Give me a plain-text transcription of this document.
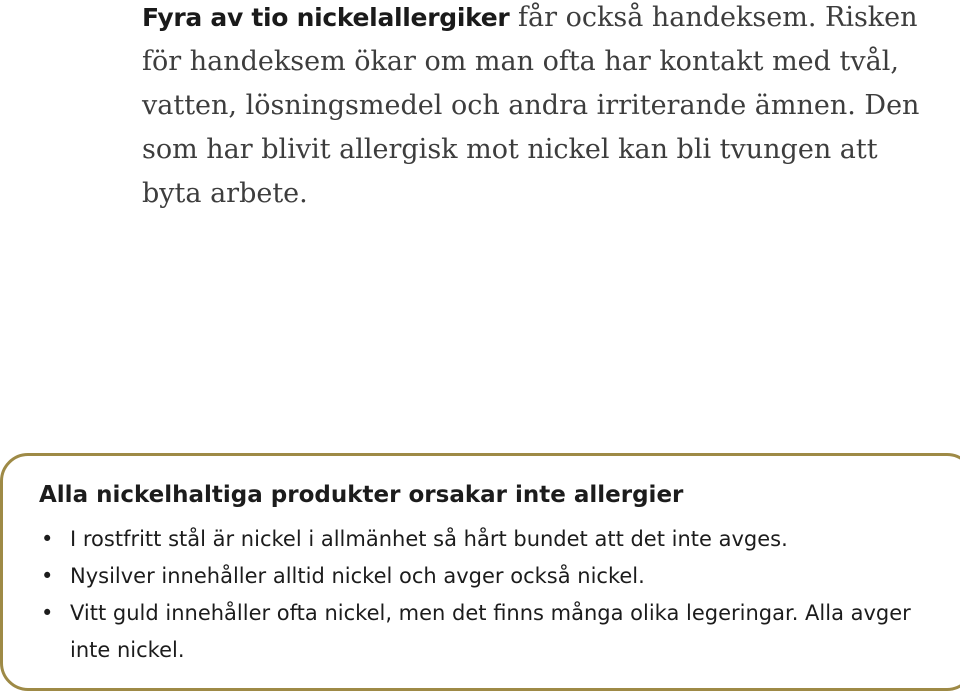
Fyra av tio nickelallergiker får också handeksem. Risken för handeksem ökar om man ofta har kontakt med tvål, vatten, lösningsmedel och andra irriterande ämnen. Den som har blivit allergisk mot nickel kan bli tvungen att byta arbete.

Alla nickelhaltiga produkter orsakar inte allergier
• I rostfritt stål är nickel i allmänhet så hårt bundet att det inte avges.
• Nysilver innehåller alltid nickel och avger också nickel.
• Vitt guld innehåller ofta nickel, men det finns många olika legeringar. Alla avger inte nickel.
